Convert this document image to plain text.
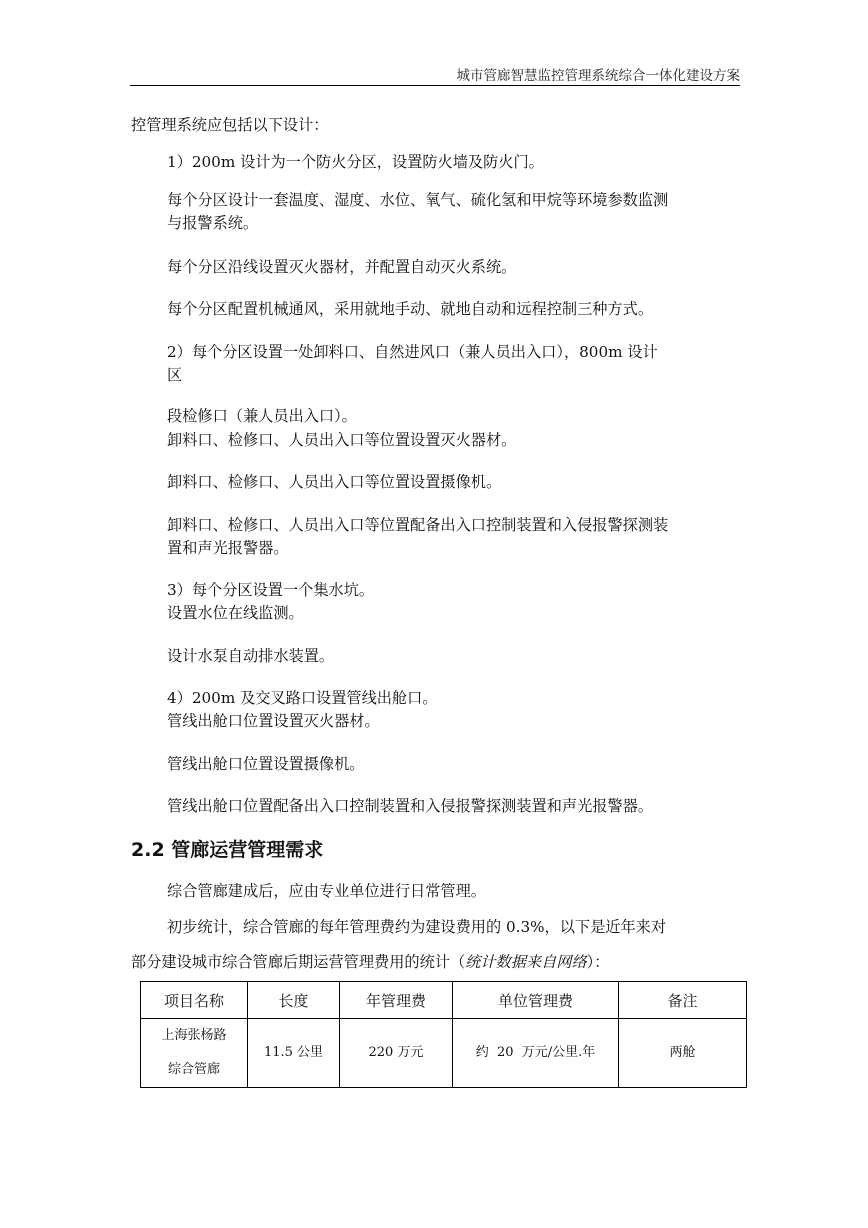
城市管廊智慧监控管理系统综合一体化建设方案
控管理系统应包括以下设计：
1）200m 设计为一个防火分区，设置防火墙及防火门。
每个分区设计一套温度、湿度、水位、氧气、硫化氢和甲烷等环境参数监测
与报警系统。
每个分区沿线设置灭火器材，并配置自动灭火系统。
每个分区配置机械通风，采用就地手动、就地自动和远程控制三种方式。
2）每个分区设置一处卸料口、自然进风口（兼人员出入口），800m 设计
区
段检修口（兼人员出入口）。
卸料口、检修口、人员出入口等位置设置灭火器材。
卸料口、检修口、人员出入口等位置设置摄像机。
卸料口、检修口、人员出入口等位置配备出入口控制装置和入侵报警探测装
置和声光报警器。
3）每个分区设置一个集水坑。
设置水位在线监测。
设计水泵自动排水装置。
4）200m 及交叉路口设置管线出舱口。
管线出舱口位置设置灭火器材。
管线出舱口位置设置摄像机。
管线出舱口位置配备出入口控制装置和入侵报警探测装置和声光报警器。
2.2 管廊运营管理需求
综合管廊建成后，应由专业单位进行日常管理。
初步统计，综合管廊的每年管理费约为建设费用的 0.3%，以下是近年来对
部分建设城市综合管廊后期运营管理费用的统计（统计数据来自网络）：
项目名称	长度	年管理费	单位管理费	备注

上海张杨路
综合管廊	11.5 公里	220 万元	约  20  万元/公里.年	两舱
